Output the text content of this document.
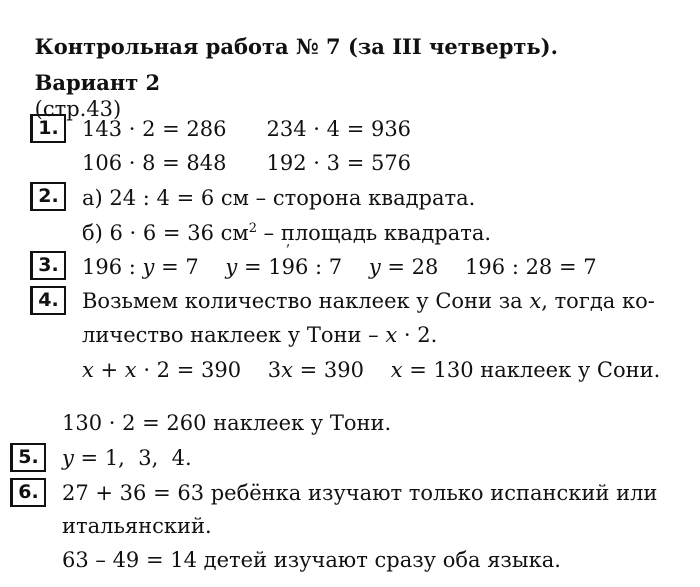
Контрольная работа № 7 (за III четверть).

Вариант 2
(стр.43)

1.	143 · 2 = 286      234 · 4 = 936
106 · 8 = 848      192 · 3 = 576
2.	а) 24 : 4 = 6 см – сторона квадрата.
б) 6 · 6 = 36 $см^2$ – площадь квадрата.
3.	196 : y = 7    y = 196 : 7    y = 28    196 : 28 = 7
ʼ
4.	Возьмем количество наклеек у Сони за x, тогда ко-
личество наклеек у Тони – x · 2.
x + x · 2 = 390    3x = 390    x = 130 наклеек у Сони.
130 · 2 = 260 наклеек у Тони.
5.	y = 1,  3,  4.
6.	27 + 36 = 63 ребёнка изучают только испанский или
итальянский.
63 – 49 = 14 детей изучают сразу оба языка.
